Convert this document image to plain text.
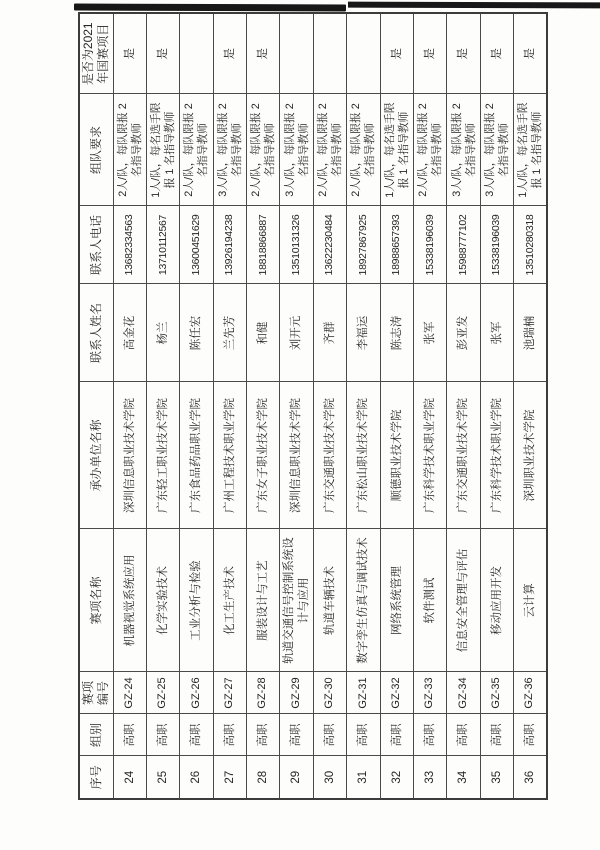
序号	组别	赛项编号	赛项名称	承办单位名称	联系人姓名	联系人电话	组队要求	是否为2021年国赛项目
24	高职	GZ-24	机器视觉系统应用	深圳信息职业技术学院	高金花	13682334563	2人/队，每队限报 2 名指导教师	是
25	高职	GZ-25	化学实验技术	广东轻工职业技术学院	杨兰	13710112567	1人/队，每名选手限报 1 名指导教师	是
26	高职	GZ-26	工业分析与检验	广东食品药品职业学院	陈任宏	13600451629	2人/队，每队限报 2 名指导教师	
27	高职	GZ-27	化工生产技术	广州工程技术职业学院	兰先芳	13926194238	3人/队，每队限报 2 名指导教师	是
28	高职	GZ-28	服装设计与工艺	广东女子职业技术学院	和健	18818866887	2人/队，每队限报 2 名指导教师	是
29	高职	GZ-29	轨道交通信号控制系统设计与应用	深圳信息职业技术学院	刘开元	13510131326	3人/队，每队限报 2 名指导教师	
30	高职	GZ-30	轨道车辆技术	广东交通职业技术学院	齐群	13622230484	2人/队，每队限报 2 名指导教师	
31	高职	GZ-31	数字孪生仿真与调试技术	广东松山职业技术学院	李福运	18927867925	2人/队，每队限报 2 名指导教师	
32	高职	GZ-32	网络系统管理	顺德职业技术学院	陈志涛	18988657393	1人/队，每名选手限报 1 名指导教师	是
33	高职	GZ-33	软件测试	广东科学技术职业学院	张军	15338196039	2人/队，每队限报 2 名指导教师	是
34	高职	GZ-34	信息安全管理与评估	广东交通职业技术学院	彭亚发	15988777102	3人/队，每队限报 2 名指导教师	是
35	高职	GZ-35	移动应用开发	广东科学技术职业学院	张军	15338196039	3人/队，每队限报 2 名指导教师	是
36	高职	GZ-36	云计算	深圳职业技术学院	池瑞楠	13510280318	1人/队，每名选手限报 1 名指导教师	是
